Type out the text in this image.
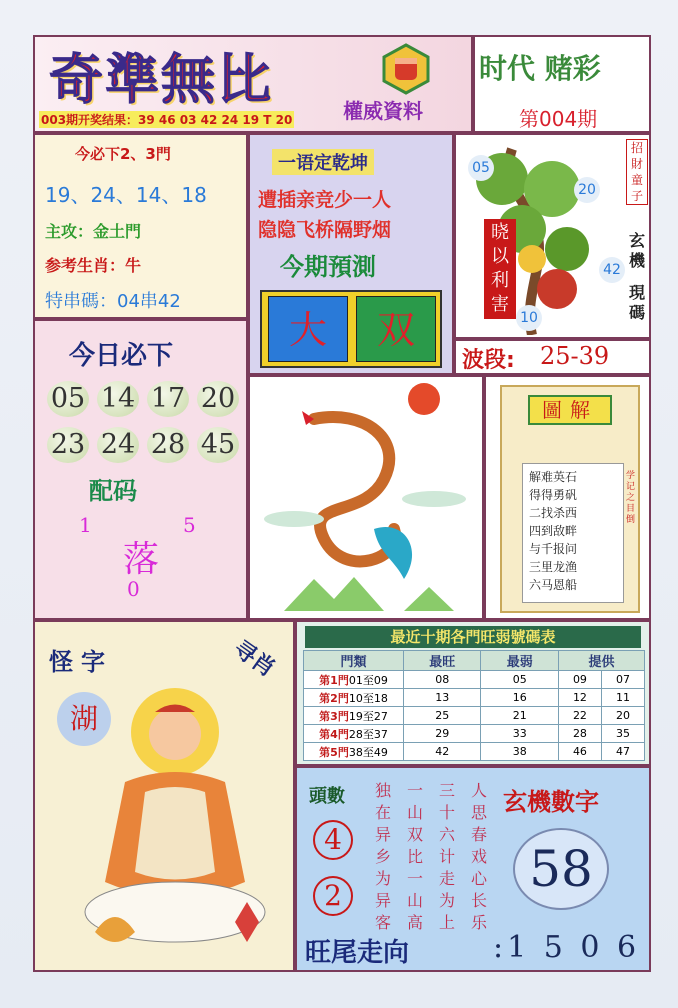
奇準無比	權威資料
003期开奖结果：39 46 03 42 24 19 T 20
时代 赌彩
第004期
今必下2、3門
19、24、14、18
主攻：金土門
参考生肖：牛
特串碼：04串42
一语定乾坤
遭插亲竞少一人
隐隐飞桥隔野烟
今期預測
大	双
05
20
42
10
晓以利害
招財童子
玄機
現碼
波段: 25-39
今日必下
05 14 17 20
23 24 28 45
配码
1	5
落
0
圖解
解难英石
得得勇矾
二找杀西
四到敌畔
与千报问
三里龙渔
六马恩船
学记之目倒
怪字	寻肖
湖
最近十期各門旺弱號碼表
門類	最旺	最弱	提供	
第1門01至09	08	05	09	07
第2門10至18	13	16	12	11
第3門19至27	25	21	22	20
第4門28至37	29	33	28	35
第5門38至49	42	38	46	47
頭數
4
2
独在异乡为异客
一山双比一山高
三十六计走为上
人思春戏心长乐
玄機數字
58
旺尾走向	:1 5 0 6
